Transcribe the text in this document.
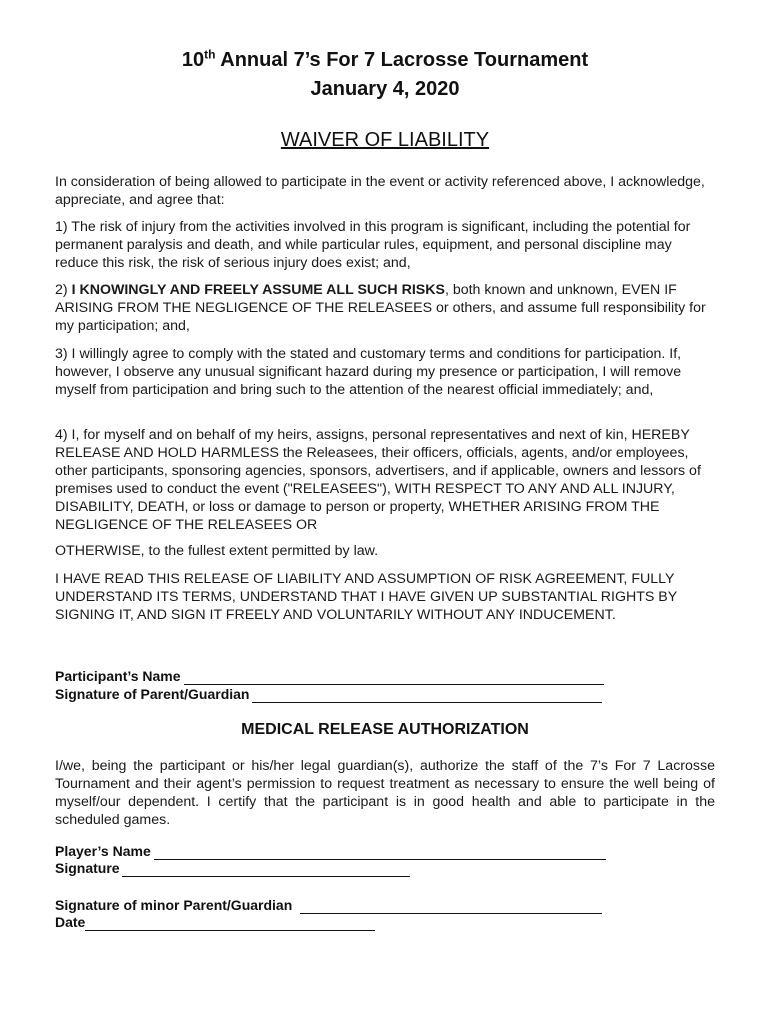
10th Annual 7’s For 7 Lacrosse Tournament
January 4, 2020
WAIVER OF LIABILITY

In consideration of being allowed to participate in the event or activity referenced above, I acknowledge, appreciate, and agree that:

1) The risk of injury from the activities involved in this program is significant, including the potential for permanent paralysis and death, and while particular rules, equipment, and personal discipline may reduce this risk, the risk of serious injury does exist; and,

2) I KNOWINGLY AND FREELY ASSUME ALL SUCH RISKS, both known and unknown, EVEN IF ARISING FROM THE NEGLIGENCE OF THE RELEASEES or others, and assume full responsibility for my participation; and,

3) I willingly agree to comply with the stated and customary terms and conditions for participation. If, however, I observe any unusual significant hazard during my presence or participation, I will remove myself from participation and bring such to the attention of the nearest official immediately; and,

4) I, for myself and on behalf of my heirs, assigns, personal representatives and next of kin, HEREBY RELEASE AND HOLD HARMLESS the Releasees, their officers, officials, agents, and/or employees, other participants, sponsoring agencies, sponsors, advertisers, and if applicable, owners and lessors of premises used to conduct the event ("RELEASEES"), WITH RESPECT TO ANY AND ALL INJURY, DISABILITY, DEATH, or loss or damage to person or property, WHETHER ARISING FROM THE NEGLIGENCE OF THE RELEASEES OR

OTHERWISE, to the fullest extent permitted by law.

I HAVE READ THIS RELEASE OF LIABILITY AND ASSUMPTION OF RISK AGREEMENT, FULLY UNDERSTAND ITS TERMS, UNDERSTAND THAT I HAVE GIVEN UP SUBSTANTIAL RIGHTS BY SIGNING IT, AND SIGN IT FREELY AND VOLUNTARILY WITHOUT ANY INDUCEMENT.

Participant’s Name
Signature of Parent/Guardian
MEDICAL RELEASE AUTHORIZATION

I/we, being the participant or his/her legal guardian(s), authorize the staff of the 7’s For 7 Lacrosse Tournament and their agent’s permission to request treatment as necessary to ensure the well being of myself/our dependent. I certify that the participant is in good health and able to participate in the scheduled games.

Player’s Name
Signature
Signature of minor Parent/Guardian
Date
